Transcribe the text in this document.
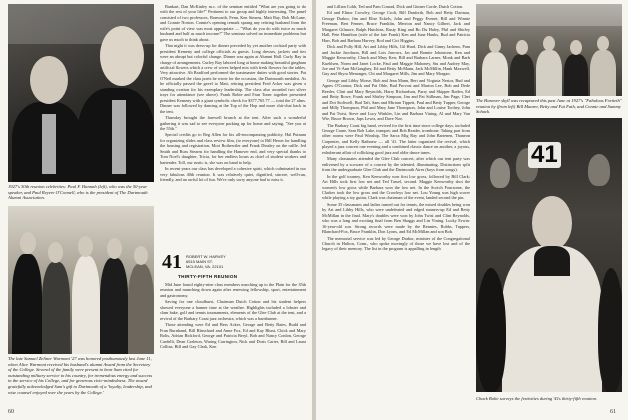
1927's 50th reunion celebrities: Paul F. Hannah (left), who was the 50-year speaker, and Paul Reyere O'Connell, who is the president of The Dartmouth Alumni Association.
The late Samuel Zeliner Warmont '27 was honored posthumously last June 11, when Alice Warmont received his husband's alumni Award from the Secretary of the College. Several of the family were present to hear Sam cited for outstanding military service to his country, for tremendous energy and success in the service of his College, and for generous civic-mindedness. The award gratefully acknowledged Sam's gift to Dartmouth of a 'loyalty, leadership, and wise counsel enjoyed over the years by the College.'

Bankart, Dan McKinley m.c. of the seminar entitled "What are you going to do with the rest of your life?" Pertinent to our group and highly interesting. The panel consisted of two professors, Bonwarth, Fenn, Ken Stearns, Matt Ray, Bob McLane, and Connie Norton. Connie's opening remark sprang any retiring husband from the wife's point of view was most appropriate — "What do you do with twice as much husband and half as much income?" The seminar solved no immediate problems but gave us much to think about.

That night it was dress-up for dinner preceded by yet another cocktail party with president Kemeny and college officials as guests. Long dresses, jackets and ties were an abrupt but colorful change. Dinner was again at Alumni Hall. Curly Ray in charge of arrangements. Curley Ray labored long at home making beautiful gingham artificial flowers which a crew of wives helped mix with fresh flowers for the tables. Very attractive. Ab Bradford performed the toastmaster duties with good stories. Pat O'Neil marked the class poets be wrote for the occasion, the Dartmouth medalist. As he officially passed the gavel to Matt, retiring president Fred Acker was given a standing ovation for his exemplary leadership. The class also awarded two silver trays for attendance (see above). Frank Robie and Fran Toner together presented president Kemeny with a giant symbolic check for $377,765.77 — total the 27 alms. Dinner was followed by dancing at the Top of the Hop and more chit-chat back in the tent.

Thursday brought the farewell brunch at the tent. After such a wonderful gathering it was sad to see everyone packing up for home and saying, "See you at the 55th."

Special credits go to Reg Allen for his all-encompassing publicity. Hal Putnam for organizing slides and class review film, (to everyone) to Bill Heron for handling the housing and registration, Mort Rothewiler and Frank Dinsley on the raffle. Jed Smith and Russ Stearns for handling the Hanover end, and very special thanks to Tom Noel's daughter, Tricia, for her endless hours as chief of student workers and bartender. Toll, our rustic is, she was on hand to help.

In recent years our class has developed a cohesive spirit, which culminated in our very fabulous 40th reunion. It was relatively quiet, dignified, sincere, well-run, friendly, and an awful lot of fun. We're only sorry anyone had to miss it.

41 ROBERT W. HARVEY
6515 MAIN ST.
MCLEAN, VA. 22101
THIRTY-FIFTH REUNION

Mid June found eighty-nine class members marching up to the Plain for the 35th reunion and munching down again after renewing fellowship, sport, entertainment and gastronomy.

Saving for one cloudburst, Chairman Dutch Cotton and his student helpers showed everyone a banner time at the weather. Highlights included a lobster and clam bake, golf and tennis tournaments, elements of the Glee Club at the tent, and a revival of the Barbary Coast jazz orchestra, which was a barnburner.

Those attending were Ed and Bess Acker, George and Betty Bates, Budd and Fran Burnhand, Bill Blanchard and Anne Fox, Ed and Kay Blunt, Chick and Mary Bolts, Adrian Bickford, George and Patricia Beryl, Bob and Nancy Conlon, George Cardelli, Dean Carleton, Waring Carrington, Nick and Doris Carter, Bill and Laura Collins, Bill and Gay Clark, Ken

60

and Lillian Cobb, Ted and Pam Conrad, Dick and Ginner Corde, Dutch Cotton.

Ed and Elinor Crowley, George Croft, Bill Danforth, Bob and Betty Dartnau, George Drabor, Jim and Elise Eckels, John and Peggy Evenet, Bill and Winnie Freeman, Bert Fenner, Bruce Franklin, Merrion and Nancy Gilbert, Jack and Margaret Gilmore, Ralph Hutchins, Rusty King and Bo Du Haley, Phil and Shirley Hall, Pete Hamilton (wife of the late Frank) Ken and June Hanks, Bud and Patricia Harr, Bob and Barbara Harvey, Rod and Cici Higgins.

Dick and Polly Hill, Art and Libby Hills, Gil Hurd, Dick and Ginny Jachens, Pam and Jackie Jacobson, Bill and Lois Jarrows, Jas and Bonnie Johnstone, Ken and Maggie Kenworthy, Chuck and Mary Kerr, Bill and Barbara Larner, Monk and Barb Kuehlsen, Norm and Janet Locke, Paul and Maggie Mahoney, Stu and Audrey May, Joe and Vi-Ann McGaughey, Ed and Betty McMann, Jack McMillin, Hank Maxwell, Guy and Shyra Menonger, Chi and Margaret Mills, Jim and Mary Morgan.

George and Libby Morse, Bob and Jean Mann, Bert and Virginia Nestor, Bud and Agnes O'Connor, Dick and Pat Ohle, Bud Provost and Marion Lee, Bob and Dede Reeder, Clint and Mary Reynolds, Harry Richardson, Parry and Skipper Roden, Ed and Betty Rowe, Frank and Shirley Simpson, Jim and Pat Stillman, Jim Page, Chet and Dot Stoliwell, Bud Taft, Sam and Miriam Tippett, Paul and Betty Tupper, George and Milly Thompson, Phil and Mary Jane Thompson, John and Louise Toohey, John and Pat Twist, Steve and Lucy Winkler, Lin and Barbara Vining, Al and Mary Van Wie, Bruce Brown, Japs Lewis, and Dave Noe.

The Barbary Coast big band, revived for the first time since college days, included George Crane, Sam Bob Lake, trumpet; and Bob Reader, trombone. Taking part from other rooms were Paul Winship, The Sarca Mig Ray and John Bartenen, Thaneon Carpenter, and Kelly Rathnew — all '41. The latter organized the revival, which played a jazz concert one evening and a combined classic dance on another, a joyous, exhuberant affair of rollicking good jazz and oldie dance tunes.

Many classmates attended the Glee Club concert, after which our tent party was enlivened by a scowaer of a concert by the talented, illuminating. Distinctions split from the undergraduate Glee Club and the Dartmouth Aires (boys from songs).

In the golf tourney, Ken Kenworthy won first low gross, followed by Bill Clark; Art Hills took first low net and Ted Tassel, second. Maggie Kenworthy shot the women's low gross while Barbara won the low net. In the Scotch Foursome, the Clarkes took the low gross and the Crowleys low net. Lou Young was high scorer while playing a toy guitar, Clark was chairman of the event, landed second the pin.

Some 35 classmates and ladies turned out for tennis, the mixed doubles being won by Art and Libby Hills, who were undefeated and edged runners-up Ed and Betty McMillan in the final. Mary's doubles were won by John Twist and Clint Reynolds, who was a long and exciting final from Ben Skaggs and Lin Vining. Lucky Erwin: 16-year-old son. Strong records were made by the Rennies, Robbs, Tappers, Blanchard-Fox, Bruce Franklin, Don Lyons, and Ed McMillan and son Bob.

The memorial service was led by George Drabor, minister of the Congregational Church in Hulton, Conn., who spoke movingly of those we have lost and of the legacy of their memory. The list in the program is appalling in length

The Hanover skyll was recaptured this past June at 1927's "Fabulous Fortieth" reunion by (from left) Bill Maurer, Betty and Fat Fath, and Connie and Sammy Schack.
41
Chuck Bolte surveys the festivities during '41s thirty-fifth reunion.
61
